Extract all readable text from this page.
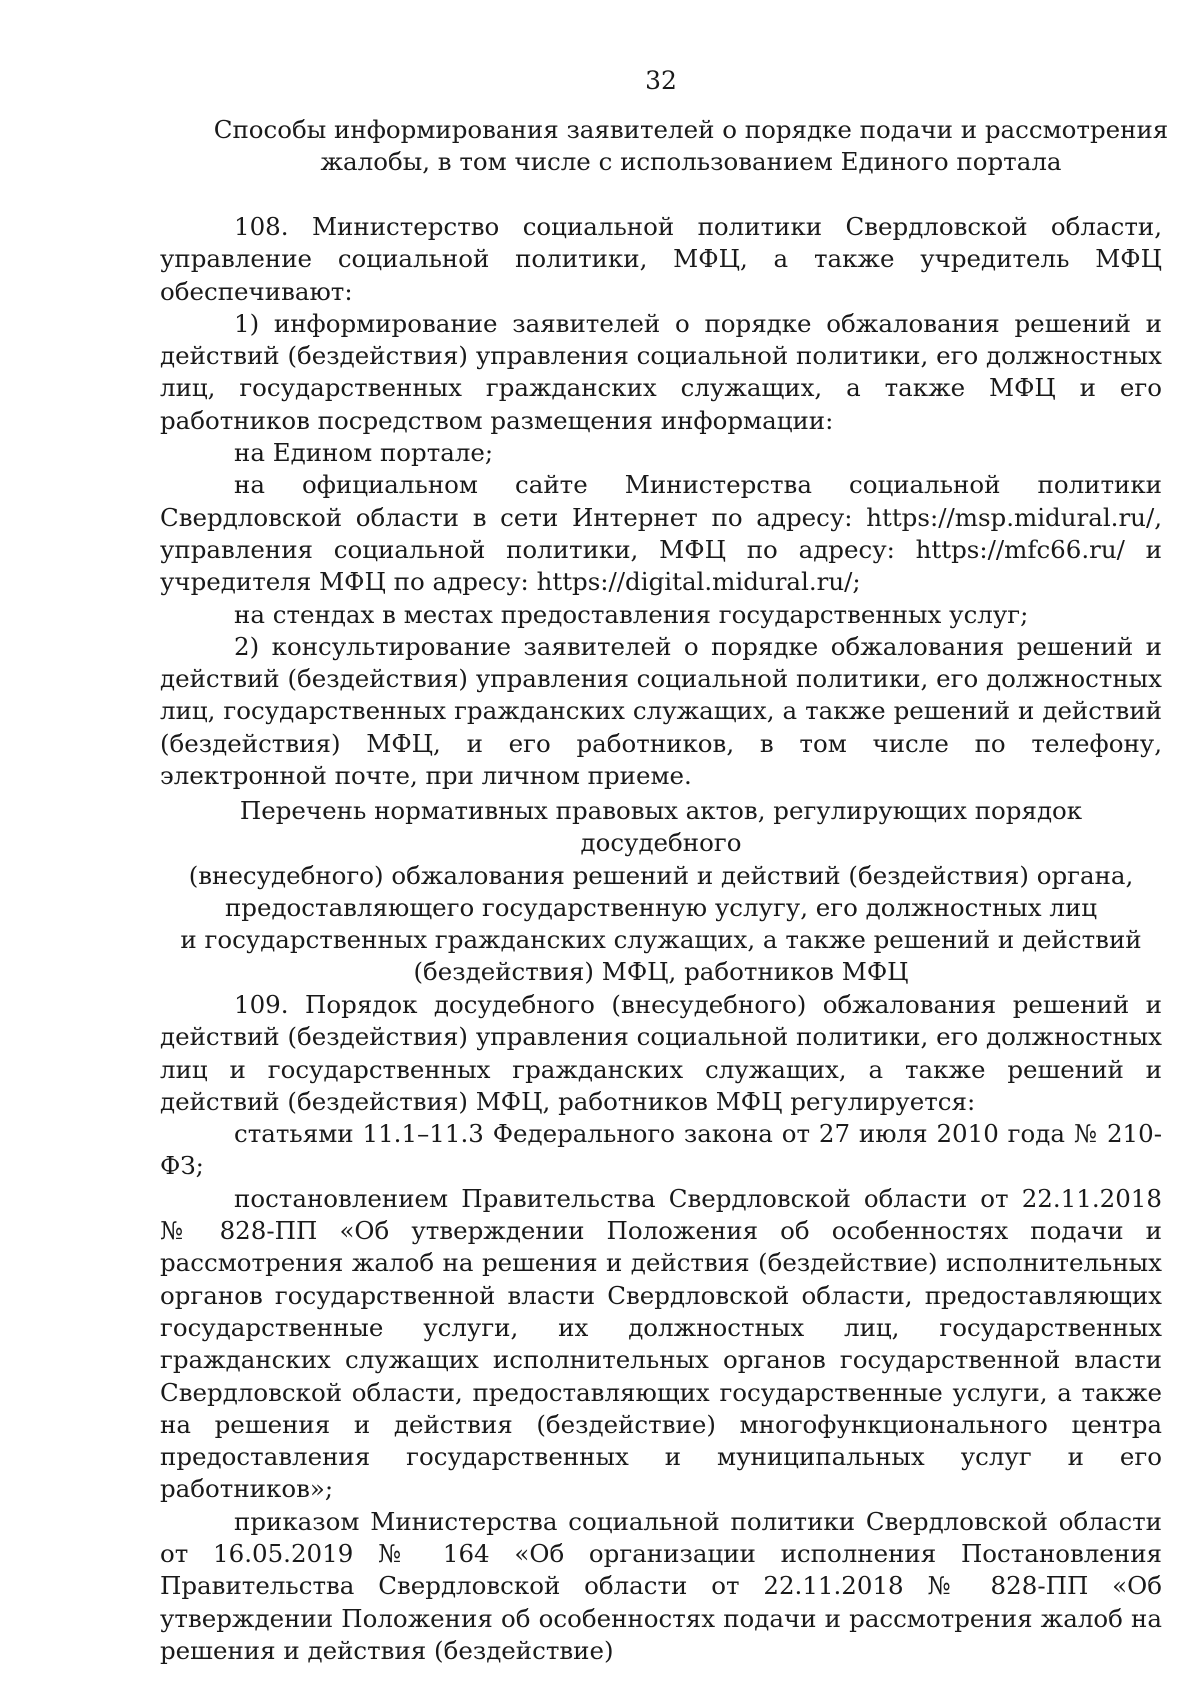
32
Способы информирования заявителей о порядке подачи и рассмотрения
жалобы, в том числе с использованием Единого портала
108. Министерство социальной политики Свердловской области, управление социальной политики, МФЦ, а также учредитель МФЦ обеспечивают:
1) информирование заявителей о порядке обжалования решений и действий (бездействия) управления социальной политики, его должностных лиц, государственных гражданских служащих, а также МФЦ и его работников посредством размещения информации:
на Едином портале;
на официальном сайте Министерства социальной политики Свердловской области в сети Интернет по адресу: https://msp.midural.ru/, управления социальной политики, МФЦ по адресу: https://mfc66.ru/ и учредителя МФЦ по адресу: https://digital.midural.ru/;
на стендах в местах предоставления государственных услуг;
2) консультирование заявителей о порядке обжалования решений и действий (бездействия) управления социальной политики, его должностных лиц, государственных гражданских служащих, а также решений и действий (бездействия) МФЦ, и его работников, в том числе по телефону, электронной почте, при личном приеме.
Перечень нормативных правовых актов, регулирующих порядок досудебного
(внесудебного) обжалования решений и действий (бездействия) органа,
предоставляющего государственную услугу, его должностных лиц
и государственных гражданских служащих, а также решений и действий
(бездействия) МФЦ, работников МФЦ
109. Порядок досудебного (внесудебного) обжалования решений и действий (бездействия) управления социальной политики, его должностных лиц и государственных гражданских служащих, а также решений и действий (бездействия) МФЦ, работников МФЦ регулируется:
статьями 11.1–11.3 Федерального закона от 27 июля 2010 года № 210-ФЗ;
постановлением Правительства Свердловской области от 22.11.2018 № 828-ПП «Об утверждении Положения об особенностях подачи и рассмотрения жалоб на решения и действия (бездействие) исполнительных органов государственной власти Свердловской области, предоставляющих государственные услуги, их должностных лиц, государственных гражданских служащих исполнительных органов государственной власти Свердловской области, предоставляющих государственные услуги, а также на решения и действия (бездействие) многофункционального центра предоставления государственных и муниципальных услуг и его работников»;
приказом Министерства социальной политики Свердловской области от 16.05.2019 № 164 «Об организации исполнения Постановления Правительства Свердловской области от 22.11.2018 № 828-ПП «Об утверждении Положения об особенностях подачи и рассмотрения жалоб на решения и действия (бездействие)
